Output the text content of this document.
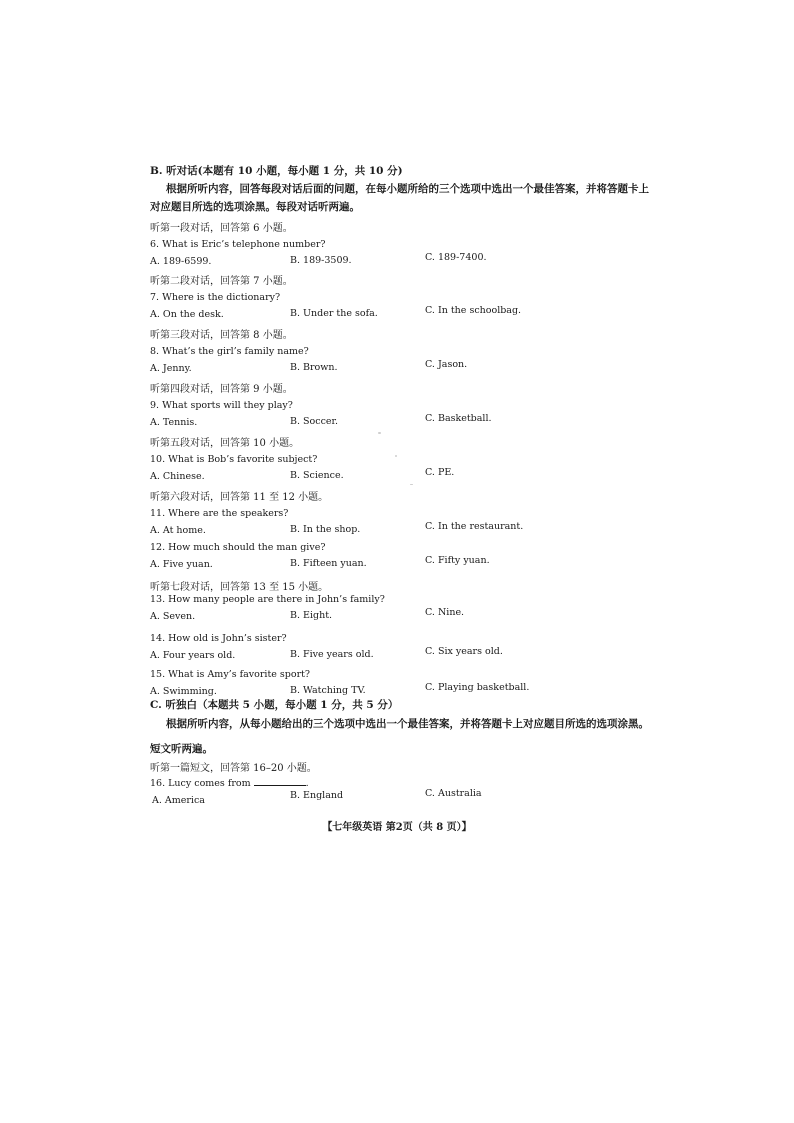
B. 听对话(本题有 10 小题，每小题 1 分，共 10 分)
根据所听内容，回答每段对话后面的问题，在每小题所给的三个选项中选出一个最佳答案，并将答题卡上
对应题目所选的选项涂黑。每段对话听两遍。
听第一段对话，回答第 6 小题。
6. What is Eric’s telephone number?
A. 189-6599.	B. 189-3509.	C. 189-7400.
听第二段对话，回答第 7 小题。
7. Where is the dictionary?
A. On the desk.	B. Under the sofa.	C. In the schoolbag.
听第三段对话，回答第 8 小题。
8. What’s the girl’s family name?
A. Jenny.	B. Brown.	C. Jason.
听第四段对话，回答第 9 小题。
9. What sports will they play?
A. Tennis.	B. Soccer.	C. Basketball.
听第五段对话，回答第 10 小题。
10. What is Bob’s favorite subject?
A. Chinese.	B. Science.	C. PE.
听第六段对话，回答第 11 至 12 小题。
11. Where are the speakers?
A. At home.	B. In the shop.	C. In the restaurant.
12. How much should the man give?
A. Five yuan.	B. Fifteen yuan.	C. Fifty yuan.
听第七段对话，回答第 13 至 15 小题。
13. How many people are there in John’s family?
A. Seven.	B. Eight.	C. Nine.
14. How old is John’s sister?
A. Four years old.	B. Five years old.	C. Six years old.
15. What is Amy’s favorite sport?
A. Swimming.	B. Watching TV.	C. Playing basketball.
C. 听独白（本题共 5 小题，每小题 1 分，共 5 分）
根据所听内容，从每小题给出的三个选项中选出一个最佳答案，并将答题卡上对应题目所选的选项涂黑。
短文听两遍。
听第一篇短文，回答第 16–20 小题。
16. Lucy comes from	.
A. America	B. England	C. Australia
【七年级英语 第2页（共 8 页）】
